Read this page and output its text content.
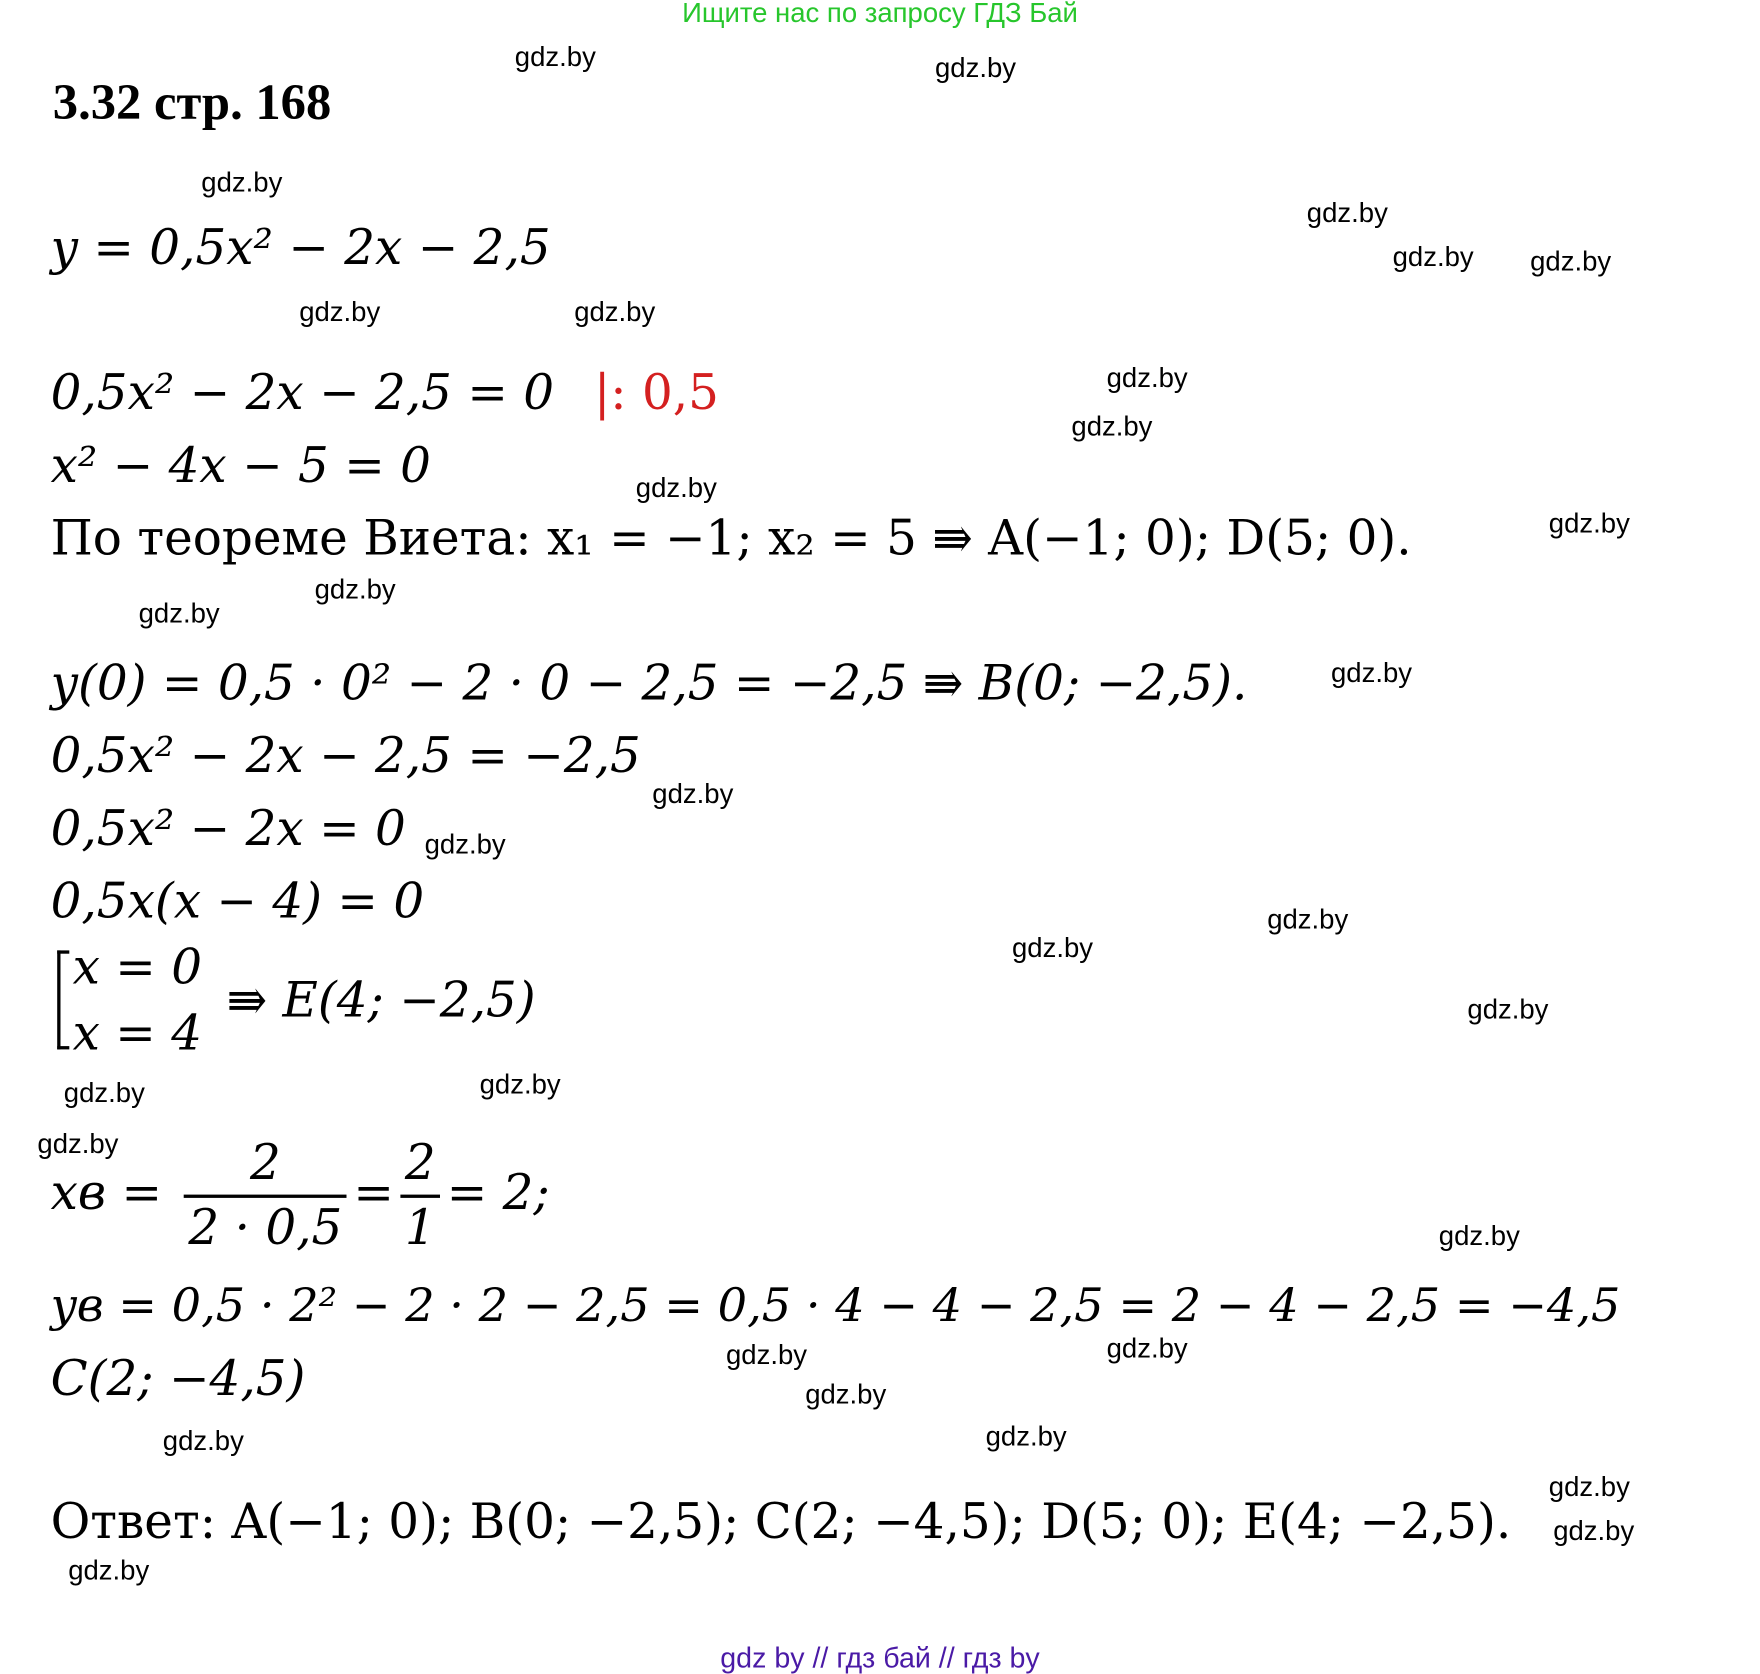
Ищите нас по запросу ГДЗ Бай
3.32 стр. 168
gdz.by	gdz.by
gdz.by
gdz.by
gdz.by gdz.by
gdz.by	gdz.by
gdz.by
gdz.by
gdz.by
gdz.by
gdz.by
gdz.by
gdz.by
gdz.by
gdz.by
gdz.by
gdz.by
gdz.by
gdz.by
gdz.by
gdz.by
gdz.by
gdz.by	gdz.by
gdz.by
gdz.by	gdz.by
gdz.by
gdz.by
gdz.by
y = 0,5x² − 2x − 2,5
0,5x² − 2x − 2,5 = 0 |: 0,5
x² − 4x − 5 = 0
По теореме Виета: x₁ = −1; x₂ = 5 ⇛ A(−1; 0); D(5; 0).
y(0) = 0,5 · 0² − 2 · 0 − 2,5 = −2,5 ⇛ B(0; −2,5).
0,5x² − 2x − 2,5 = −2,5
0,5x² − 2x = 0
0,5x(x − 4) = 0
x = 0
x = 4
⇛ E(4; −2,5)
xв = $\frac{2}{2 \cdot 0,5} = \frac{2}{1} = 2$;
yв = 0,5 · 2² − 2 · 2 − 2,5 = 0,5 · 4 − 4 − 2,5 = 2 − 4 − 2,5 = −4,5
C(2; −4,5)
Ответ: A(−1; 0); B(0; −2,5); C(2; −4,5); D(5; 0); E(4; −2,5).
gdz by // гдз бай // гдз by
